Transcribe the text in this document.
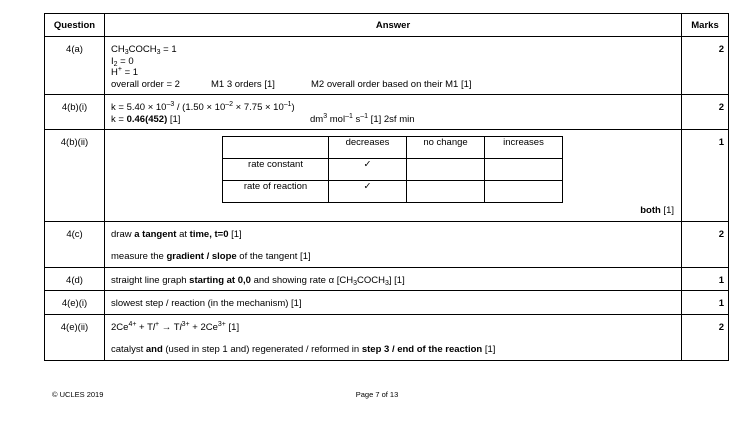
Question	Answer	Marks
4(a)	$CH_3COCH_3 = 1$
$I_2 = 0$
H+ = 1
overall order = 2	M1 3 orders [1]	M2 overall order based on their M1 [1]
	2
4(b)(i)	$k = 5.40 \times 10^{-3} / (1.50 \times 10^{-2} \times 7.75 \times 10^{-1})$
k = 0.46(452) [1]	$dm^3$ mol$^{-1}$ $s^{-1}$ [1] 2sf min
	2
4(b)(ii)	
		decreases	no change	increases
rate constant	✓		
rate of reaction	✓		
both [1]
	1
4(c)	draw a tangent at time, t=0 [1]
measure the gradient / slope of the tangent [1]
	2
4(d)	straight line graph starting at 0,0 and showing rate α $[CH_3COCH_3]$ [1]	1
4(e)(i)	slowest step / reaction (in the mechanism) [1]	1
4(e)(ii)	$2Ce^{4+} + Tl^+ \to Tl^{3+} + 2Ce^{3+}$ [1]
catalyst and (used in step 1 and) regenerated / reformed in step 3 / end of the reaction [1]
	2
© UCLES 2019	Page 7 of 13
